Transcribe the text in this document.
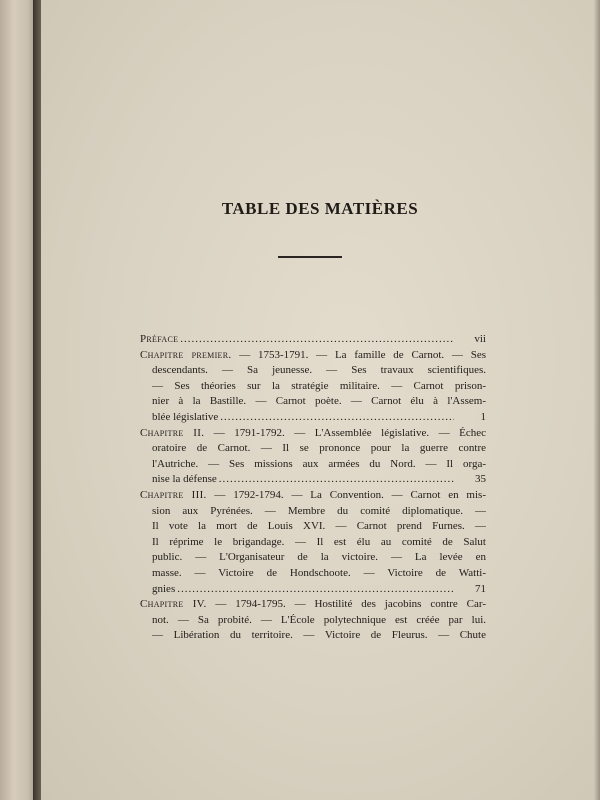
TABLE DES MATIÈRES
Préface .....	vii
Chapitre premier. — 1753-1791. — La famille de Carnot. — Ses
descendants. — Sa jeunesse. — Ses travaux scientifiques.
— Ses théories sur la stratégie militaire. — Carnot prison-
nier à la Bastille. — Carnot poète. — Carnot élu à l'Assem-
blée législative .....	1
Chapitre II. — 1791-1792. — L'Assemblée législative. — Échec
oratoire de Carnot. — Il se prononce pour la guerre contre
l'Autriche. — Ses missions aux armées du Nord. — Il orga-
nise la défense .....	35
Chapitre III. — 1792-1794. — La Convention. — Carnot en mis-
sion aux Pyrénées. — Membre du comité diplomatique. —
Il vote la mort de Louis XVI. — Carnot prend Furnes. —
Il réprime le brigandage. — Il est élu au comité de Salut
public. — L'Organisateur de la victoire. — La levée en
masse. — Victoire de Hondschoote. — Victoire de Watti-
gnies .....	71
Chapitre IV. — 1794-1795. — Hostilité des jacobins contre Car-
not. — Sa probité. — L'École polytechnique est créée par lui.
— Libération du territoire. — Victoire de Fleurus. — Chute
